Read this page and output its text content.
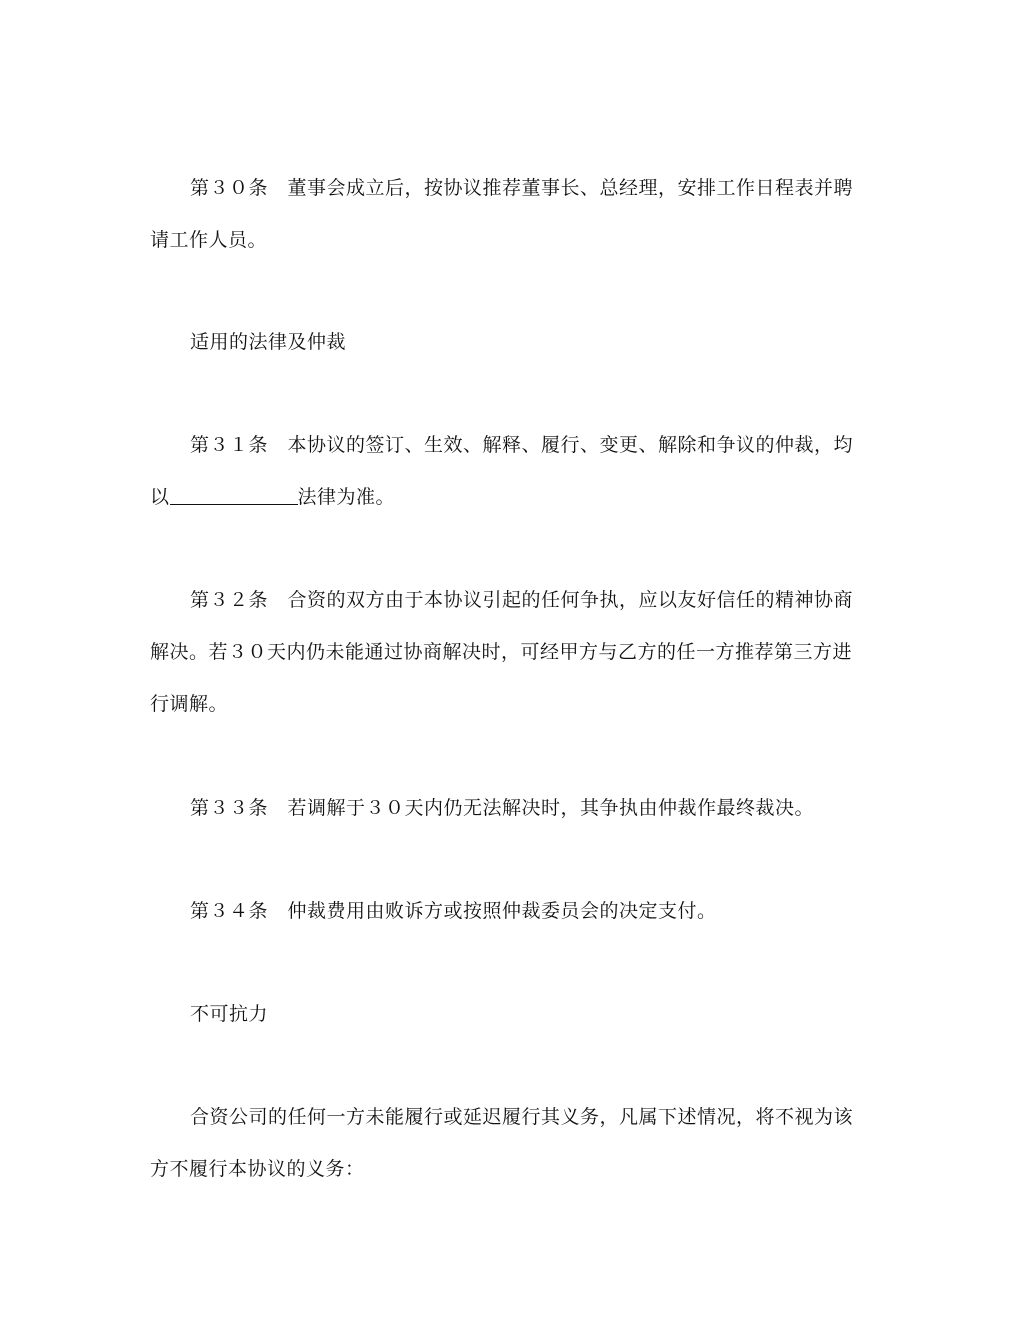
第３０条　董事会成立后，按协议推荐董事长、总经理，安排工作日程表并聘
请工作人员。
适用的法律及仲裁
第３１条　本协议的签订、生效、解释、履行、变更、解除和争议的仲裁，均
以	法律为准。
第３２条　合资的双方由于本协议引起的任何争执，应以友好信任的精神协商
解决。若３０天内仍未能通过协商解决时，可经甲方与乙方的任一方推荐第三方进
行调解。
第３３条　若调解于３０天内仍无法解决时，其争执由仲裁作最终裁决。
第３４条　仲裁费用由败诉方或按照仲裁委员会的决定支付。
不可抗力
合资公司的任何一方未能履行或延迟履行其义务，凡属下述情况，将不视为该
方不履行本协议的义务：
